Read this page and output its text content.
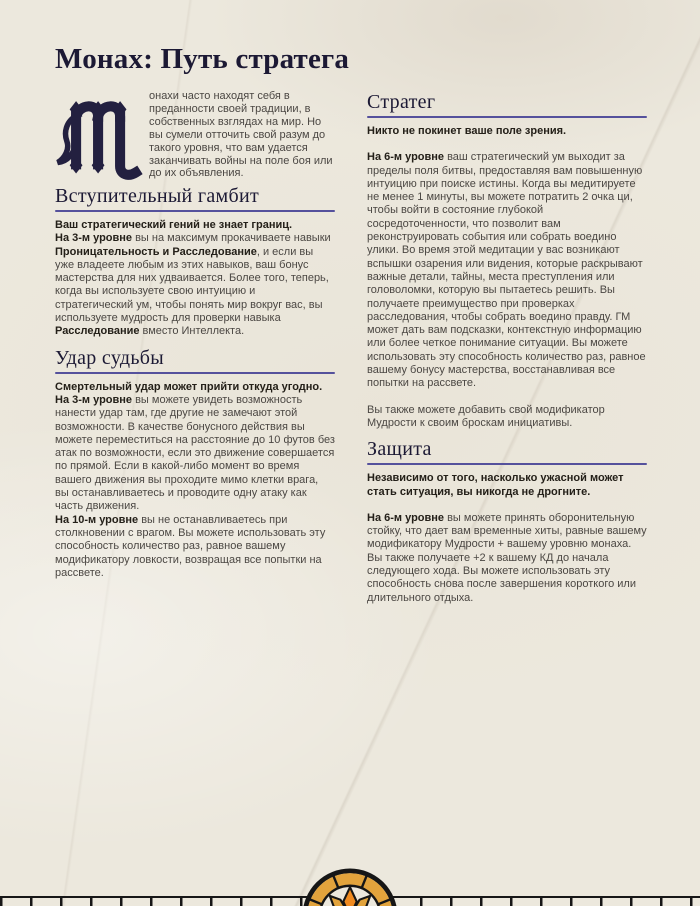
Монах: Путь стратега

онахи часто находят себя в преданности своей традиции, в собственных взглядах на мир. Но вы сумели отточить свой разум до такого уровня, что вам удается заканчивать войны на поле боя или до их объявления.

Вступительный гамбит

Ваш стратегический гений не знает границ.

На 3-м уровне вы на максимум прокачиваете навыки Проницательность и Расследование, и если вы уже владеете любым из этих навыков, ваш бонус мастерства для них удваивается. Более того, теперь, когда вы используете свою интуицию и стратегический ум, чтобы понять мир вокруг вас, вы используете мудрость для проверки навыка Расследование вместо Интеллекта.

Удар судьбы

Смертельный удар может прийти откуда угодно.

На 3-м уровне вы можете увидеть возможность нанести удар там, где другие не замечают этой возможности. В качестве бонусного действия вы можете переместиться на расстояние до 10 футов без атак по возможности, если это движение совершается по прямой. Если в какой-либо момент во время вашего движения вы проходите мимо клетки врага, вы останавливаетесь и проводите одну атаку как часть движения.

На 10-м уровне вы не останавливаетесь при столкновении с врагом. Вы можете использовать эту способность количество раз, равное вашему модификатору ловкости, возвращая все попытки на рассвете.

Стратег

Никто не покинет ваше поле зрения.

На 6-м уровне ваш стратегический ум выходит за пределы поля битвы, предоставляя вам повышенную интуицию при поиске истины. Когда вы медитируете не менее 1 минуты, вы можете потратить 2 очка ци, чтобы войти в состояние глубокой сосредоточенности, что позволит вам реконструировать события или собрать воедино улики. Во время этой медитации у вас возникают вспышки озарения или видения, которые раскрывают важные детали, тайны, места преступления или головоломки, которую вы пытаетесь решить. Вы получаете преимущество при проверках расследования, чтобы собрать воедино правду. ГМ может дать вам подсказки, контекстную информацию или более четкое понимание ситуации. Вы можете использовать эту способность количество раз, равное вашему бонусу мастерства, восстанавливая все попытки на рассвете.

Вы также можете добавить свой модификатор Мудрости к своим броскам инициативы.

Защита

Независимо от того, насколько ужасной может стать ситуация, вы никогда не дрогните.

На 6-м уровне вы можете принять оборонительную стойку, что дает вам временные хиты, равные вашему модификатору Мудрости + вашему уровню монаха. Вы также получаете +2 к вашему КД до начала следующего хода. Вы можете использовать эту способность снова после завершения короткого или длительного отдыха.
